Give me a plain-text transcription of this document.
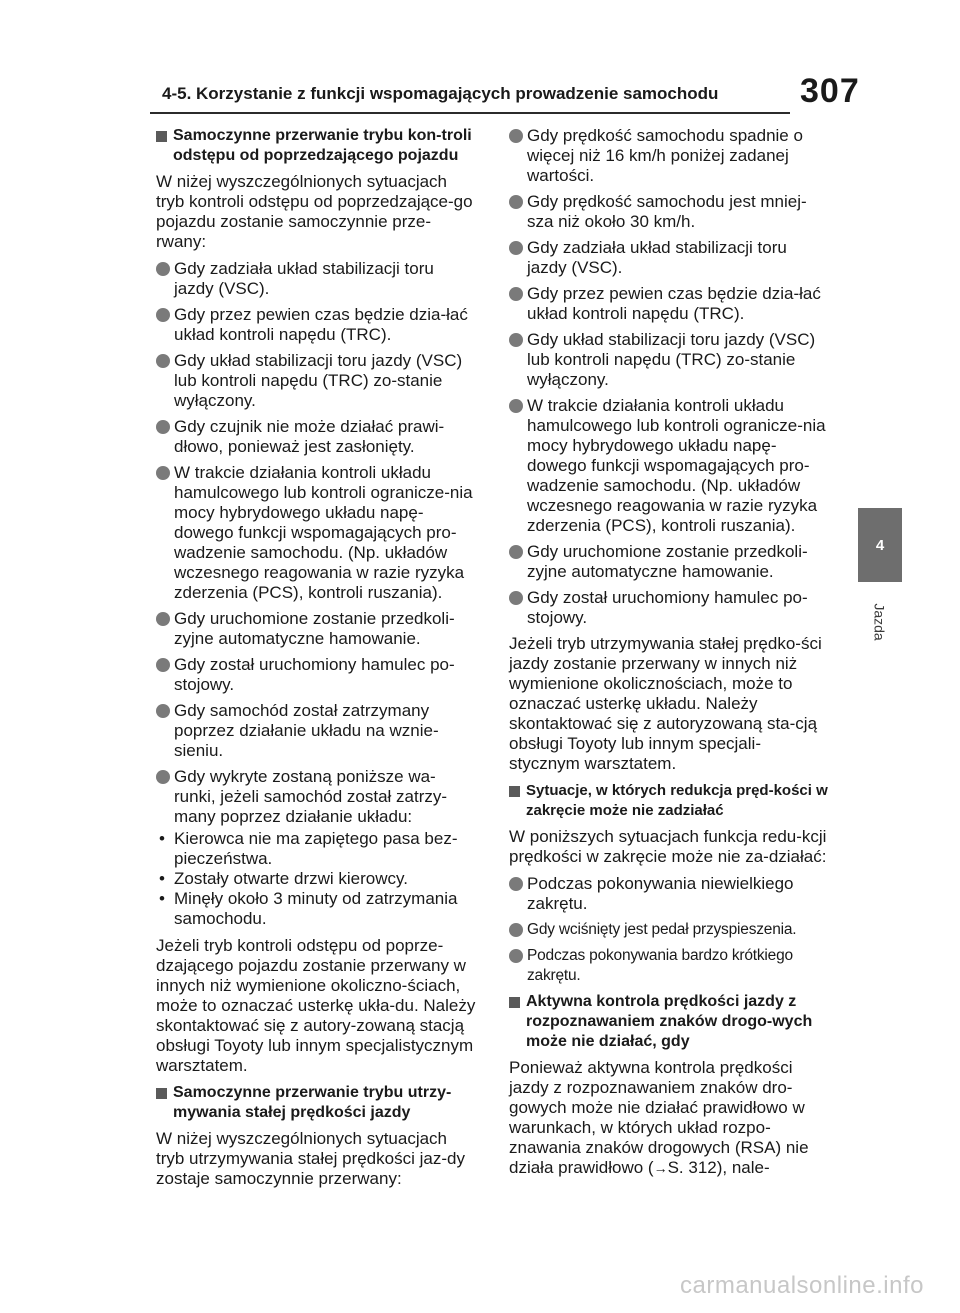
4-5. Korzystanie z funkcji wspomagających prowadzenie samochodu	307
4
Jazda
Samoczynne przerwanie trybu kon-troli odstępu od poprzedzającego pojazdu

W niżej wyszczególnionych sytuacjach tryb kontroli odstępu od poprzedzające-go pojazdu zostanie samoczynnie prze-rwany:

Gdy zadziała układ stabilizacji toru jazdy (VSC).
Gdy przez pewien czas będzie dzia-łać układ kontroli napędu (TRC).
Gdy układ stabilizacji toru jazdy (VSC) lub kontroli napędu (TRC) zo-stanie wyłączony.
Gdy czujnik nie może działać prawi-dłowo, ponieważ jest zasłonięty.
W trakcie działania kontroli układu hamulcowego lub kontroli ogranicze-nia mocy hybrydowego układu napę-dowego funkcji wspomagających pro-wadzenie samochodu. (Np. układów wczesnego reagowania w razie ryzyka zderzenia (PCS), kontroli ruszania).
Gdy uruchomione zostanie przedkoli-zyjne automatyczne hamowanie.
Gdy został uruchomiony hamulec po-stojowy.
Gdy samochód został zatrzymany poprzez działanie układu na wznie-sieniu.
Gdy wykryte zostaną poniższe wa-runki, jeżeli samochód został zatrzy-many poprzez działanie układu:
• Kierowca nie ma zapiętego pasa bez-pieczeństwa.
• Zostały otwarte drzwi kierowcy.
• Minęły około 3 minuty od zatrzymania samochodu.

Jeżeli tryb kontroli odstępu od poprze-dzającego pojazdu zostanie przerwany w innych niż wymienione okoliczno-ściach, może to oznaczać usterkę ukła-du. Należy skontaktować się z autory-zowaną stacją obsługi Toyoty lub innym specjalistycznym warsztatem.

Samoczynne przerwanie trybu utrzy-mywania stałej prędkości jazdy

W niżej wyszczególnionych sytuacjach tryb utrzymywania stałej prędkości jaz-dy zostaje samoczynnie przerwany:

Gdy prędkość samochodu spadnie o więcej niż 16 km/h poniżej zadanej wartości.
Gdy prędkość samochodu jest mniej-sza niż około 30 km/h.
Gdy zadziała układ stabilizacji toru jazdy (VSC).
Gdy przez pewien czas będzie dzia-łać układ kontroli napędu (TRC).
Gdy układ stabilizacji toru jazdy (VSC) lub kontroli napędu (TRC) zo-stanie wyłączony.
W trakcie działania kontroli układu hamulcowego lub kontroli ogranicze-nia mocy hybrydowego układu napę-dowego funkcji wspomagających pro-wadzenie samochodu. (Np. układów wczesnego reagowania w razie ryzyka zderzenia (PCS), kontroli ruszania).
Gdy uruchomione zostanie przedkoli-zyjne automatyczne hamowanie.
Gdy został uruchomiony hamulec po-stojowy.

Jeżeli tryb utrzymywania stałej prędko-ści jazdy zostanie przerwany w innych niż wymienione okolicznościach, może to oznaczać usterkę układu. Należy skontaktować się z autoryzowaną sta-cją obsługi Toyoty lub innym specjali-stycznym warsztatem.

Sytuacje, w których redukcja pręd-kości w zakręcie może nie zadziałać

W poniższych sytuacjach funkcja redu-kcji prędkości w zakręcie może nie za-działać:

Podczas pokonywania niewielkiego zakrętu.
Gdy wciśnięty jest pedał przyspieszenia.
Podczas pokonywania bardzo krótkiego zakrętu.
Aktywna kontrola prędkości jazdy z rozpoznawaniem znaków drogo-wych może nie działać, gdy

Ponieważ aktywna kontrola prędkości jazdy z rozpoznawaniem znaków dro-gowych może nie działać prawidłowo w warunkach, w których układ rozpo-znawania znaków drogowych (RSA) nie działa prawidłowo (→S. 312), nale-

carmanualsonline.info
